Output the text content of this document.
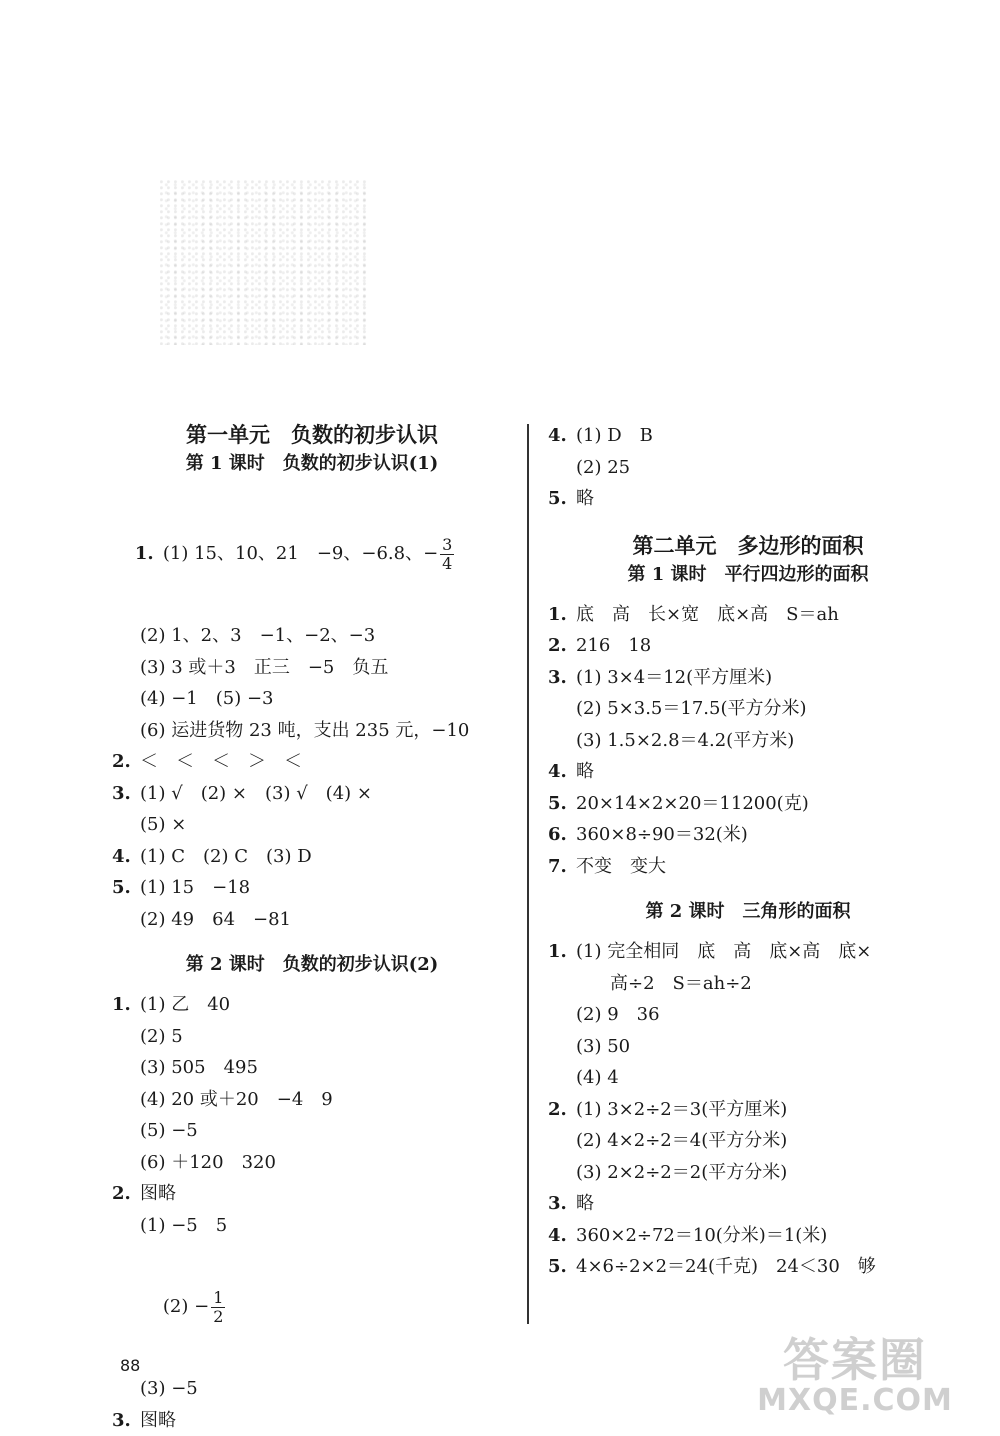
第一单元　负数的初步认识
第 1 课时　负数的初步认识(1)

1. (1) 15、10、21　−9、−6.8、− $\frac{3}{4}$

(2) 1、2、3　−1、−2、−3
(3) 3 或＋3　正三　−5　负五
(4) −1　(5) −3
(6) 运进货物 23 吨，支出 235 元，−10
2. ＜　＜　＜　＞　＜
3. (1) √　(2) ×　(3) √　(4) ×
(5) ×
4. (1) C　(2) C　(3) D
5. (1) 15　−18
(2) 49　64　−81
第 2 课时　负数的初步认识(2)
1. (1) 乙　40
(2) 5
(3) 505　495
(4) 20 或＋20　−4　9
(5) −5
(6) ＋120　320
2. 图略
(1) −5　5

$(2) - \frac{1}{2}$

(3) −5
3. 图略
4. (1) D　B
(2) 25
5. 略
第二单元　多边形的面积
第 1 课时　平行四边形的面积
1. 底　高　长×宽　底×高　S＝ah
2. 216　18
3. (1) 3×4＝12(平方厘米)
(2) 5×3.5＝17.5(平方分米)
(3) 1.5×2.8＝4.2(平方米)
4. 略
5. 20×14×2×20＝11200(克)
6. 360×8÷90＝32(米)
7. 不变　变大
第 2 课时　三角形的面积
1. (1) 完全相同　底　高　底×高　底×
高÷2　S＝ah÷2
(2) 9　36
(3) 50
(4) 4
2. (1) 3×2÷2＝3(平方厘米)
(2) 4×2÷2＝4(平方分米)
(3) 2×2÷2＝2(平方分米)
3. 略
4. 360×2÷72＝10(分米)＝1(米)
5. 4×6÷2×2＝24(千克)　24＜30　够
88	答案圈
MXQE.COM
